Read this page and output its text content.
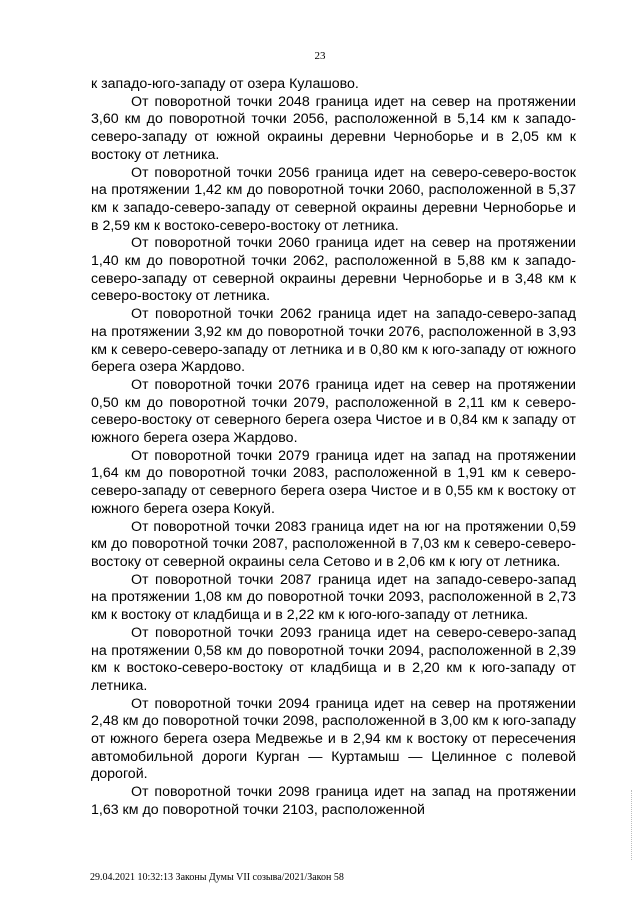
23

к западо-юго-западу от озера Кулашово.

От поворотной точки 2048 граница идет на север на протяжении 3,60 км до поворотной точки 2056, расположенной в 5,14 км к западо-северо-западу от южной окраины деревни Черноборье и в 2,05 км к востоку от летника.

От поворотной точки 2056 граница идет на северо-северо-восток на протяжении 1,42 км до поворотной точки 2060, расположенной в 5,37 км к западо-северо-западу от северной окраины деревни Черноборье и в 2,59 км к востоко-северо-востоку от летника.

От поворотной точки 2060 граница идет на север на протяжении 1,40 км до поворотной точки 2062, расположенной в 5,88 км к западо-северо-западу от северной окраины деревни Черноборье и в 3,48 км к северо-востоку от летника.

От поворотной точки 2062 граница идет на западо-северо-запад на протяжении 3,92 км до поворотной точки 2076, расположенной в 3,93 км к северо-северо-западу от летника и в 0,80 км к юго-западу от южного берега озера Жардово.

От поворотной точки 2076 граница идет на север на протяжении 0,50 км до поворотной точки 2079, расположенной в 2,11 км к северо-северо-востоку от северного берега озера Чистое и в 0,84 км к западу от южного берега озера Жардово.

От поворотной точки 2079 граница идет на запад на протяжении 1,64 км до поворотной точки 2083, расположенной в 1,91 км к северо-северо-западу от северного берега озера Чистое и в 0,55 км к востоку от южного берега озера Кокуй.

От поворотной точки 2083 граница идет на юг на протяжении 0,59 км до поворотной точки 2087, расположенной в 7,03 км к северо-северо-востоку от северной окраины села Сетово и в 2,06 км к югу от летника.

От поворотной точки 2087 граница идет на западо-северо-запад на протяжении 1,08 км до поворотной точки 2093, расположенной в 2,73 км к востоку от кладбища и в 2,22 км к юго-юго-западу от летника.

От поворотной точки 2093 граница идет на северо-северо-запад на протяжении 0,58 км до поворотной точки 2094, расположенной в 2,39 км к востоко-северо-востоку от кладбища и в 2,20 км к юго-западу от летника.

От поворотной точки 2094 граница идет на север на протяжении 2,48 км до поворотной точки 2098, расположенной в 3,00 км к юго-западу от южного берега озера Медвежье и в 2,94 км к востоку от пересечения автомобильной дороги Курган — Куртамыш — Целинное с полевой дорогой.

От поворотной точки 2098 граница идет на запад на протяжении 1,63 км до поворотной точки 2103, расположенной

29.04.2021 10:32:13 Законы Думы VII созыва/2021/Закон 58
